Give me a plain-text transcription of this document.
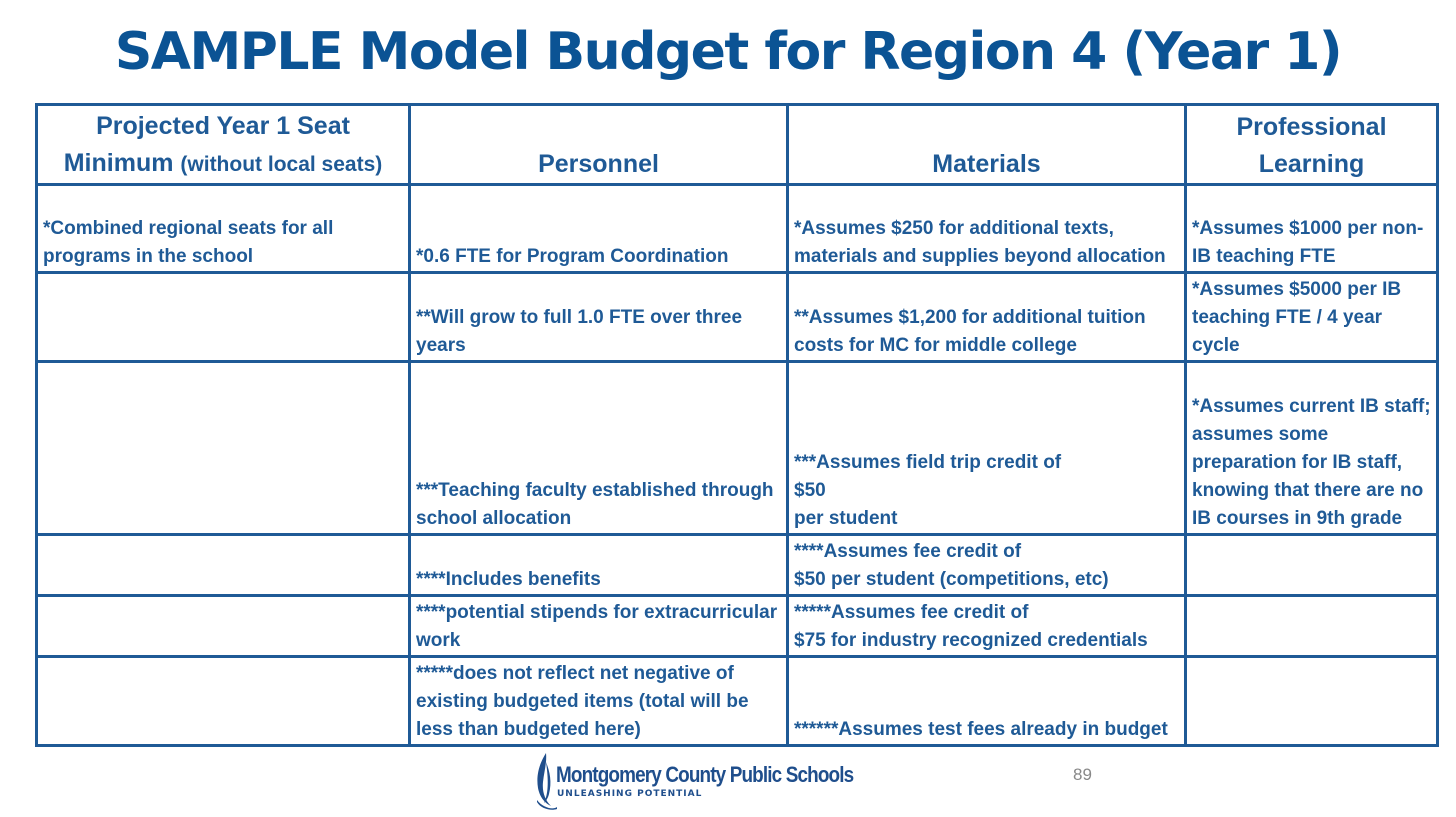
SAMPLE Model Budget for Region 4 (Year 1)
Projected Year 1 Seat
Minimum (without local seats)	Personnel	Materials	Professional Learning

*Combined regional seats for all programs in the school	*0.6 FTE for Program Coordination	*Assumes $250 for additional texts, materials and supplies beyond allocation	*Assumes $1000 per non-IB teaching FTE

	**Will grow to full 1.0 FTE over three years	**Assumes $1,200 for additional tuition costs for MC for middle college	*Assumes $5000 per IB teaching FTE / 4 year cycle

	***Teaching faculty established through school allocation	***Assumes field trip credit of
$50
per student	*Assumes current IB staff; assumes some preparation for IB staff, knowing that there are no IB courses in 9th grade

	****Includes benefits	****Assumes fee credit of
$50 per student (competitions, etc)	

	****potential stipends for extracurricular work	*****Assumes fee credit of
$75 for industry recognized credentials	

	*****does not reflect net negative of existing budgeted items (total will be less than budgeted here)	******Assumes test fees already in budget	

Montgomery County Public Schools
UNLEASHING POTENTIAL
89
